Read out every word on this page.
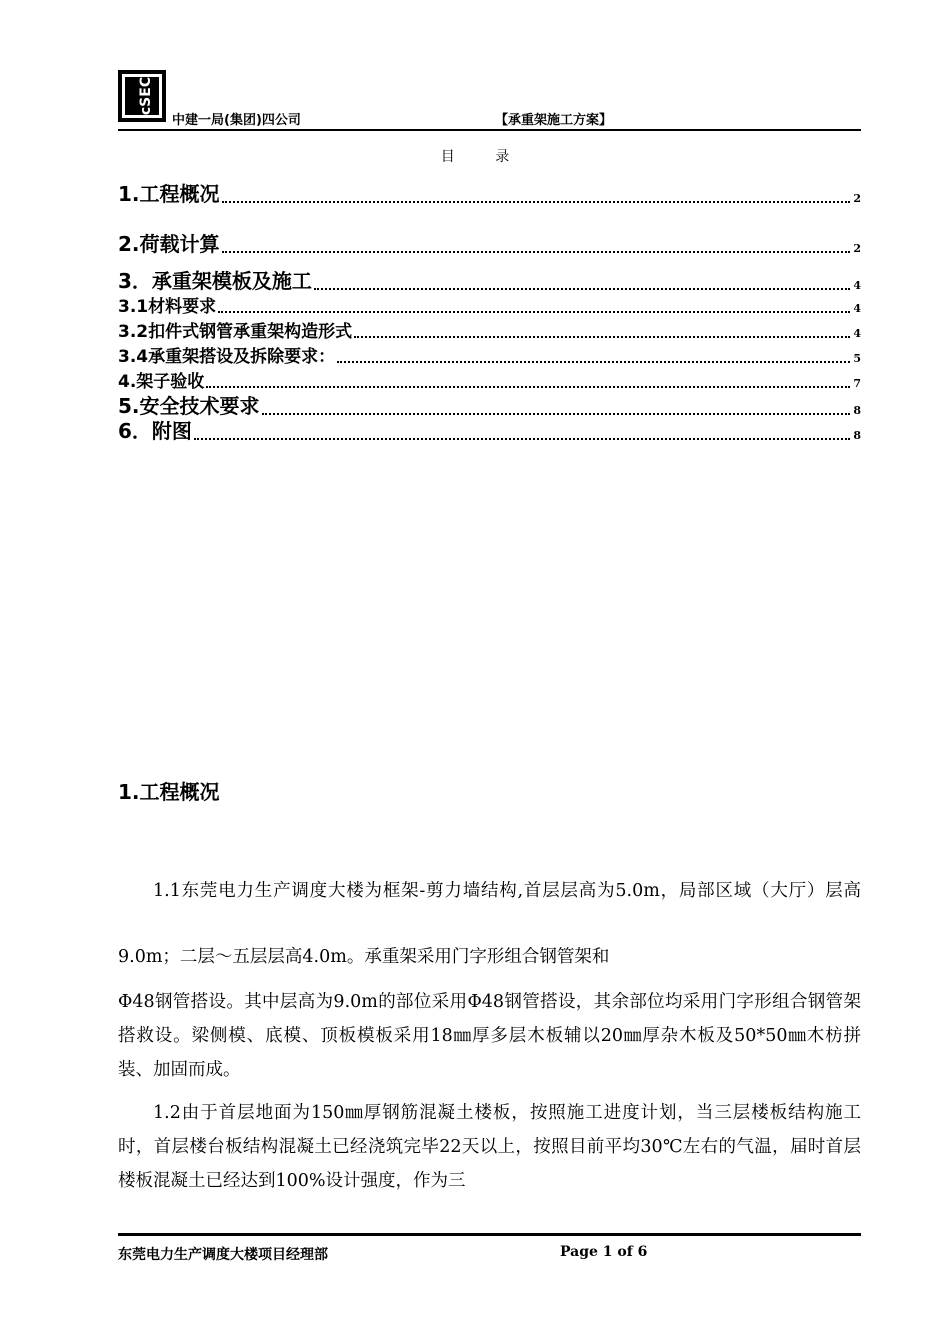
cSEC
中建一局(集团)四公司	【承重架施工方案】
目 录
1.工程概况	2
2.荷载计算	2
3．承重架模板及施工	4
3.1材料要求	4
3.2扣件式钢管承重架构造形式	4
3.4承重架搭设及拆除要求：	5
4.架子验收	7
5.安全技术要求	8
6．附图	8
1.工程概况

1.1东莞电力生产调度大楼为框架-剪力墙结构,首层层高为5.0m，局部区域（大厅）层高9.0m；二层～五层层高4.0m。承重架采用门字形组合钢管架和

Φ48钢管搭设。其中层高为9.0m的部位采用Φ48钢管搭设，其余部位均采用门字形组合钢管架搭救设。梁侧模、底模、顶板模板采用18㎜厚多层木板辅以20㎜厚杂木板及50*50㎜木枋拼装、加固而成。

1.2由于首层地面为150㎜厚钢筋混凝土楼板，按照施工进度计划，当三层楼板结构施工时，首层楼台板结构混凝土已经浇筑完毕22天以上，按照目前平均30℃左右的气温，届时首层楼板混凝土已经达到100%设计强度，作为三

东莞电力生产调度大楼项目经理部	Page 1 of 6
